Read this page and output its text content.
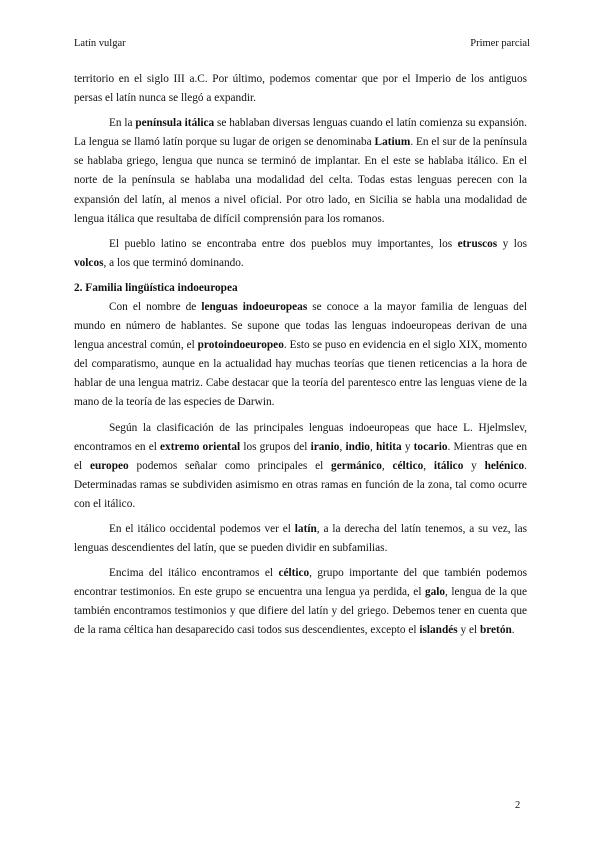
Latín vulgar	Primer parcial

territorio en el siglo III a.C. Por último, podemos comentar que por el Imperio de los antiguos persas el latín nunca se llegó a expandir.

En la península itálica se hablaban diversas lenguas cuando el latín comienza su expansión. La lengua se llamó latín porque su lugar de origen se denominaba Latium. En el sur de la península se hablaba griego, lengua que nunca se terminó de implantar. En el este se hablaba itálico. En el norte de la península se hablaba una modalidad del celta. Todas estas lenguas perecen con la expansión del latín, al menos a nivel oficial. Por otro lado, en Sicilia se habla una modalidad de lengua itálica que resultaba de difícil comprensión para los romanos.

El pueblo latino se encontraba entre dos pueblos muy importantes, los etruscos y los volcos, a los que terminó dominando.

2. Familia lingüística indoeuropea

Con el nombre de lenguas indoeuropeas se conoce a la mayor familia de lenguas del mundo en número de hablantes. Se supone que todas las lenguas indoeuropeas derivan de una lengua ancestral común, el protoindoeuropeo. Esto se puso en evidencia en el siglo XIX, momento del comparatismo, aunque en la actualidad hay muchas teorías que tienen reticencias a la hora de hablar de una lengua matriz. Cabe destacar que la teoría del parentesco entre las lenguas viene de la mano de la teoría de las especies de Darwin.

Según la clasificación de las principales lenguas indoeuropeas que hace L. Hjelmslev, encontramos en el extremo oriental los grupos del iranio, indio, hitita y tocario. Mientras que en el europeo podemos señalar como principales el germánico, céltico, itálico y helénico. Determinadas ramas se subdividen asimismo en otras ramas en función de la zona, tal como ocurre con el itálico.

En el itálico occidental podemos ver el latín, a la derecha del latín tenemos, a su vez, las lenguas descendientes del latín, que se pueden dividir en subfamilias.

Encima del itálico encontramos el céltico, grupo importante del que también podemos encontrar testimonios. En este grupo se encuentra una lengua ya perdida, el galo, lengua de la que también encontramos testimonios y que difiere del latín y del griego. Debemos tener en cuenta que de la rama céltica han desaparecido casi todos sus descendientes, excepto el islandés y el bretón.

2
